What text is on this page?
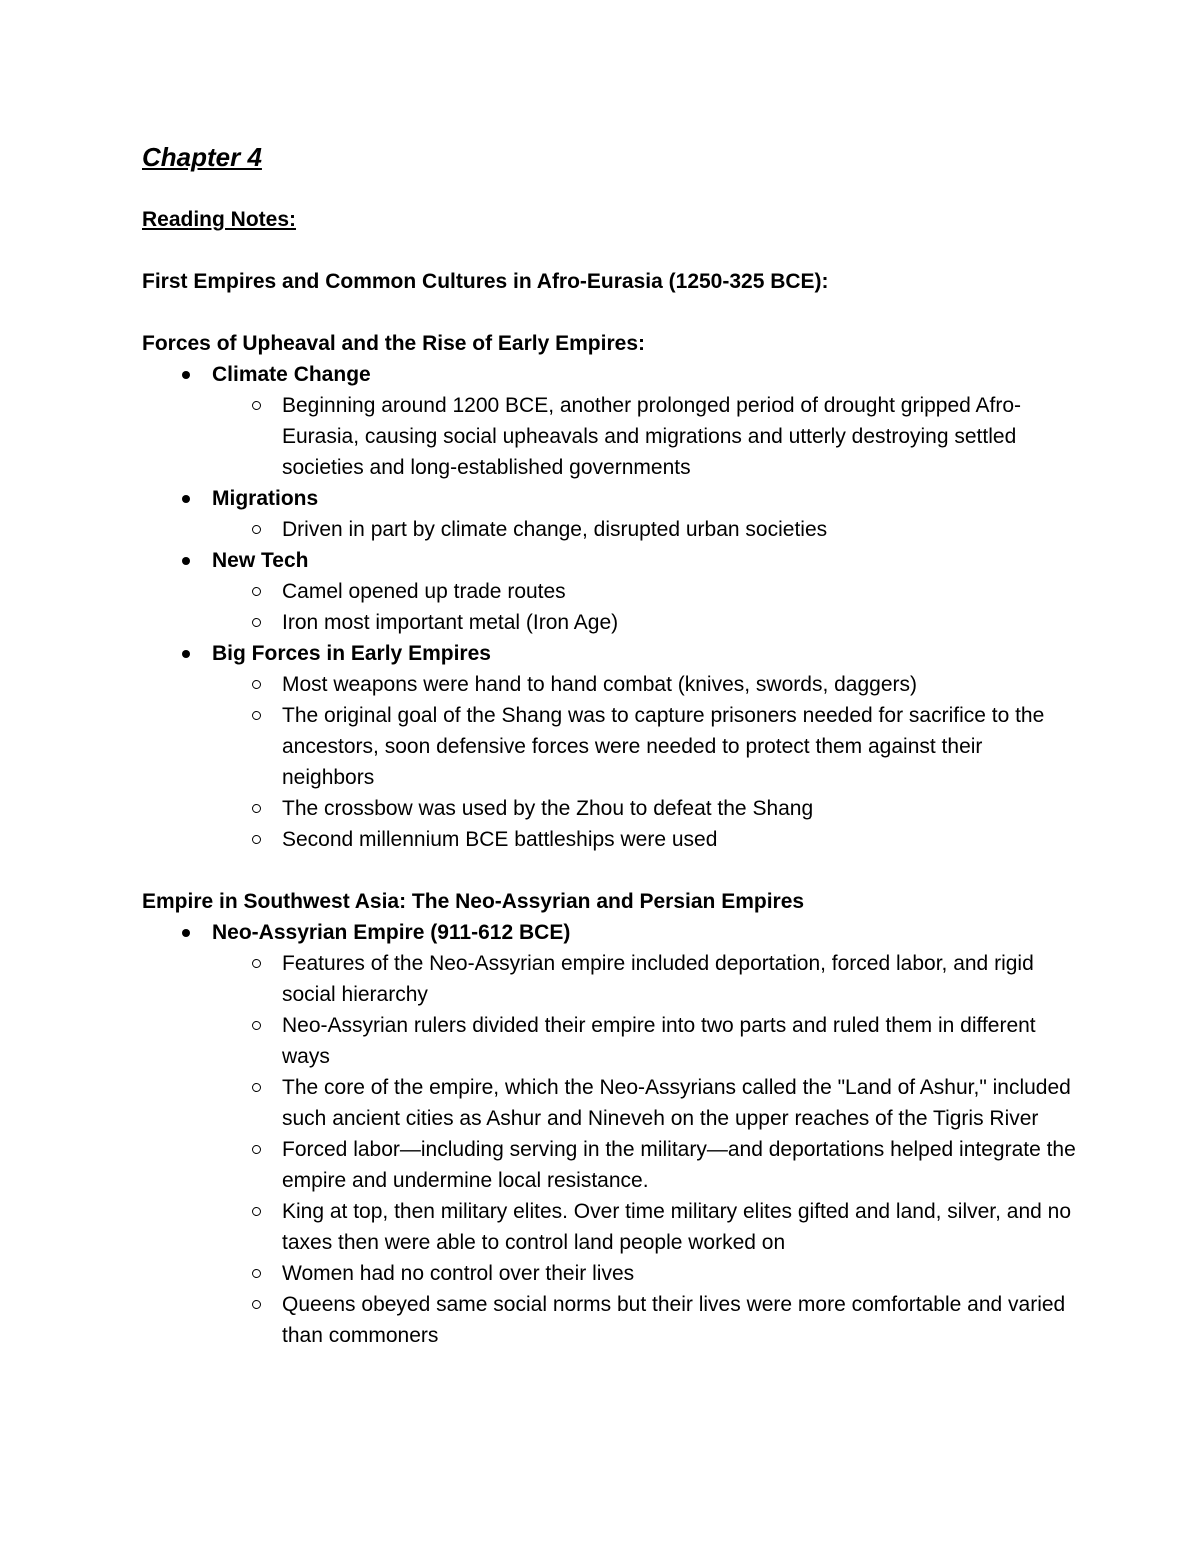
Chapter 4
Reading Notes:
First Empires and Common Cultures in Afro-Eurasia (1250-325 BCE):
Forces of Upheaval and the Rise of Early Empires:
Climate Change
Beginning around 1200 BCE, another prolonged period of drought gripped Afro-Eurasia, causing social upheavals and migrations and utterly destroying settled societies and long-established governments
Migrations
Driven in part by climate change, disrupted urban societies
New Tech
Camel opened up trade routes
Iron most important metal (Iron Age)
Big Forces in Early Empires
Most weapons were hand to hand combat (knives, swords, daggers)
The original goal of the Shang was to capture prisoners needed for sacrifice to the ancestors, soon defensive forces were needed to protect them against their neighbors
The crossbow was used by the Zhou to defeat the Shang
Second millennium BCE battleships were used
Empire in Southwest Asia: The Neo-Assyrian and Persian Empires
Neo-Assyrian Empire (911-612 BCE)
Features of the Neo-Assyrian empire included deportation, forced labor, and rigid social hierarchy
Neo-Assyrian rulers divided their empire into two parts and ruled them in different ways
The core of the empire, which the Neo-Assyrians called the "Land of Ashur," included such ancient cities as Ashur and Nineveh on the upper reaches of the Tigris River
Forced labor—including serving in the military—and deportations helped integrate the empire and undermine local resistance.
King at top, then military elites. Over time military elites gifted and land, silver, and no taxes then were able to control land people worked on
Women had no control over their lives
Queens obeyed same social norms but their lives were more comfortable and varied than commoners
